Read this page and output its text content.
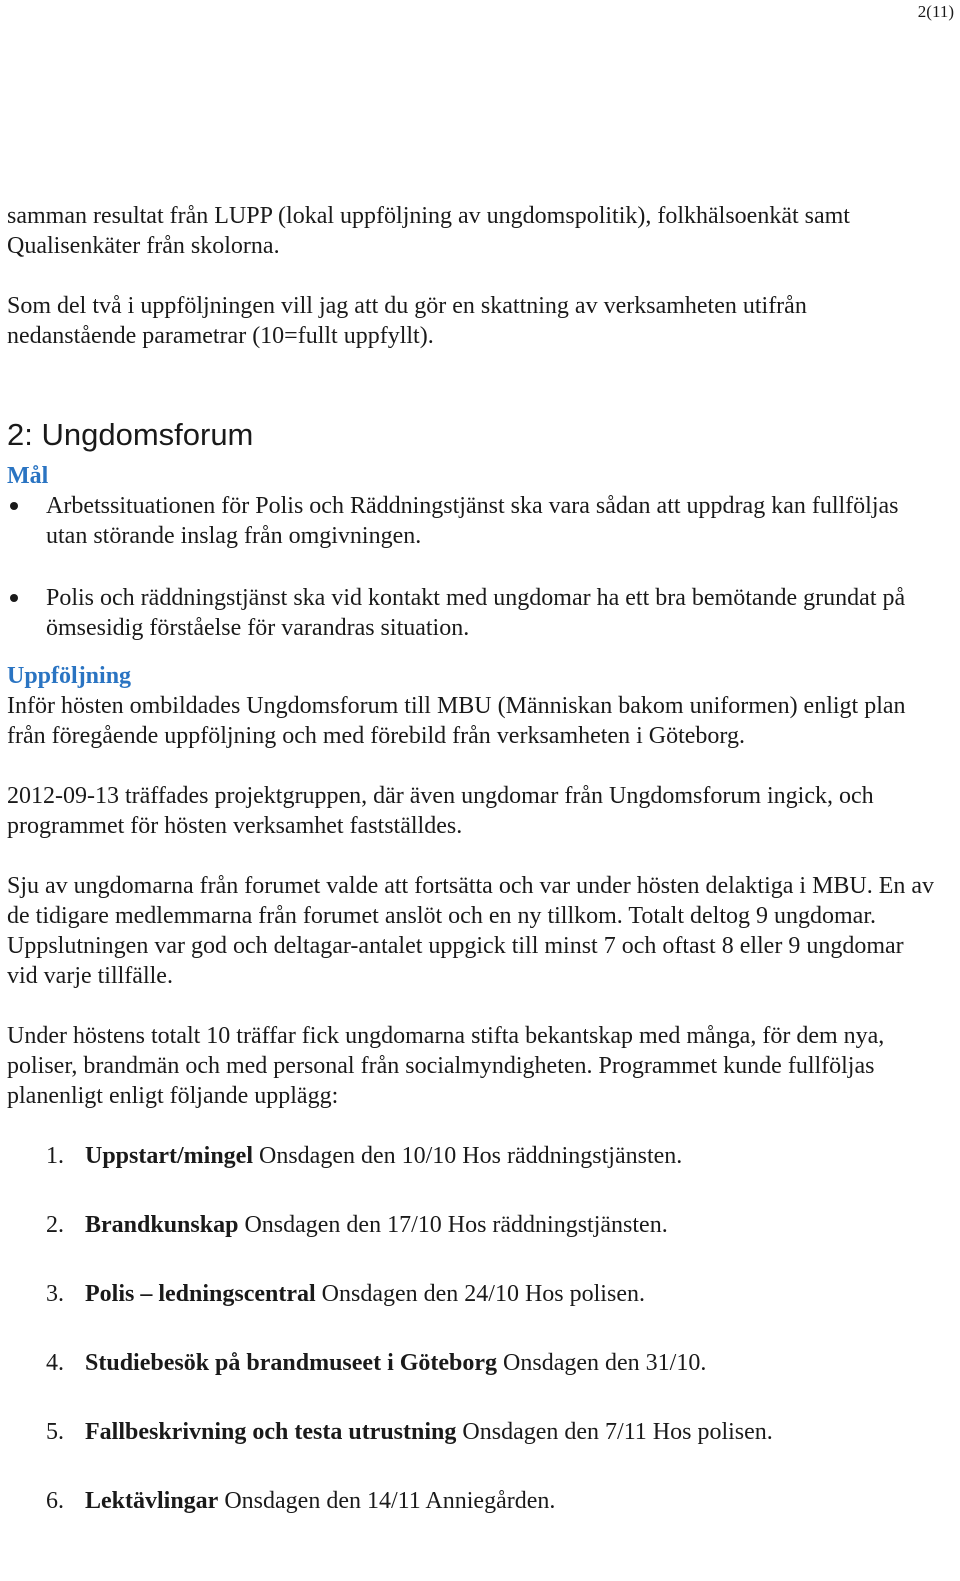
2(11)

samman resultat från LUPP (lokal uppföljning av ungdomspolitik), folkhälsoenkät samt Qualisenkäter från skolorna.

Som del två i uppföljningen vill jag att du gör en skattning av verksamheten utifrån nedanstående parametrar (10=fullt uppfyllt).

2: Ungdomsforum
Mål
Arbetssituationen för Polis och Räddningstjänst ska vara sådan att uppdrag kan fullföljas utan störande inslag från omgivningen.
Polis och räddningstjänst ska vid kontakt med ungdomar ha ett bra bemötande grundat på ömsesidig förståelse för varandras situation.
Uppföljning

Inför hösten ombildades Ungdomsforum till MBU (Människan bakom uniformen) enligt plan från föregående uppföljning och med förebild från verksamheten i Göteborg.

2012-09-13 träffades projektgruppen, där även ungdomar från Ungdomsforum ingick, och programmet för hösten verksamhet fastställdes.

Sju av ungdomarna från forumet valde att fortsätta och var under hösten delaktiga i MBU. En av de tidigare medlemmarna från forumet anslöt och en ny tillkom. Totalt deltog 9 ungdomar. Uppslutningen var god och deltagar-antalet uppgick till minst 7 och oftast 8 eller 9 ungdomar vid varje tillfälle.

Under höstens totalt 10 träffar fick ungdomarna stifta bekantskap med många, för dem nya, poliser, brandmän och med personal från socialmyndigheten. Programmet kunde fullföljas planenligt enligt följande upplägg:

1. Uppstart/mingel Onsdagen den 10/10 Hos räddningstjänsten.
2. Brandkunskap Onsdagen den 17/10 Hos räddningstjänsten.
3. Polis – ledningscentral Onsdagen den 24/10 Hos polisen.
4. Studiebesök på brandmuseet i Göteborg Onsdagen den 31/10.
5. Fallbeskrivning och testa utrustning Onsdagen den 7/11 Hos polisen.
6. Lektävlingar Onsdagen den 14/11 Anniegården.
